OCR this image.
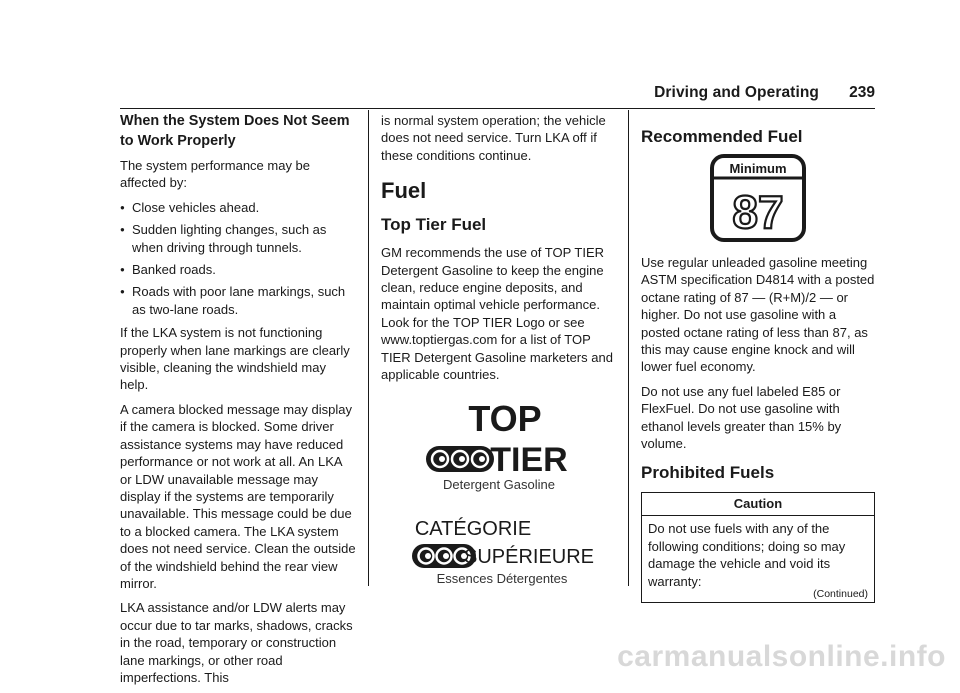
Driving and Operating 239
When the System Does Not Seem to Work Properly

The system performance may be affected by:

● Close vehicles ahead.
● Sudden lighting changes, such as when driving through tunnels.
● Banked roads.
● Roads with poor lane markings, such as two-lane roads.

If the LKA system is not functioning properly when lane markings are clearly visible, cleaning the windshield may help.

A camera blocked message may display if the camera is blocked. Some driver assistance systems may have reduced performance or not work at all. An LKA or LDW unavailable message may display if the systems are temporarily unavailable. This message could be due to a blocked camera. The LKA system does not need service. Clean the outside of the windshield behind the rear view mirror.

LKA assistance and/or LDW alerts may occur due to tar marks, shadows, cracks in the road, temporary or construction lane markings, or other road imperfections. This

is normal system operation; the vehicle does not need service. Turn LKA off if these conditions continue.

Fuel
Top Tier Fuel

GM recommends the use of TOP TIER Detergent Gasoline to keep the engine clean, reduce engine deposits, and maintain optimal vehicle performance. Look for the TOP TIER Logo or see www.toptiergas.com for a list of TOP TIER Detergent Gasoline marketers and applicable countries.

TOP
TIER
Detergent Gasoline
CATÉGORIE
SUPÉRIEURE
Essences Détergentes
Recommended Fuel
Minimum
87

Use regular unleaded gasoline meeting ASTM specification D4814 with a posted octane rating of 87 — (R+M)/2 — or higher. Do not use gasoline with a posted octane rating of less than 87, as this may cause engine knock and will lower fuel economy.

Do not use any fuel labeled E85 or FlexFuel. Do not use gasoline with ethanol levels greater than 15% by volume.

Prohibited Fuels
Caution
Do not use fuels with any of the following conditions; doing so may damage the vehicle and void its warranty:
(Continued)
carmanualsonline.info
